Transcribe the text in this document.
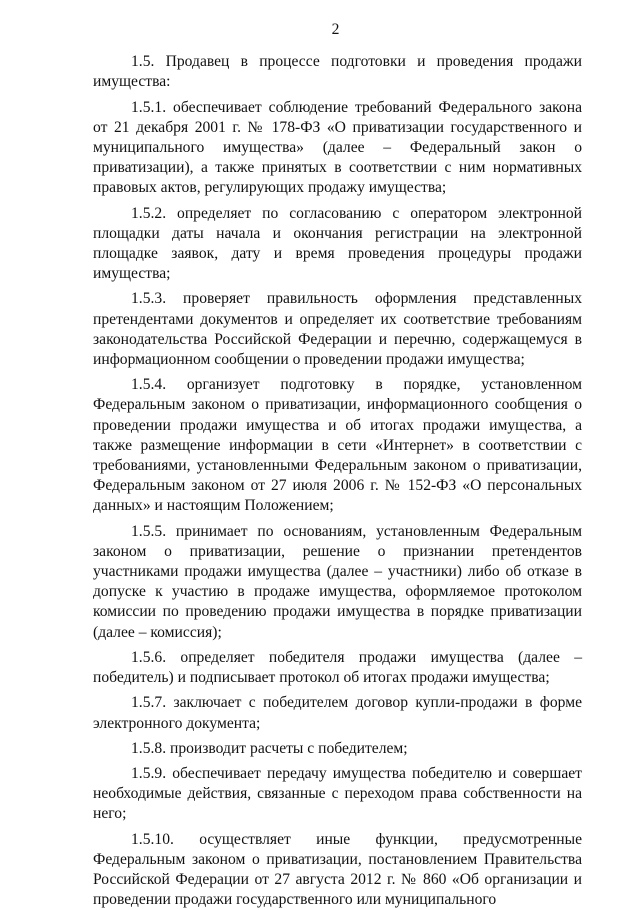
2

1.5. Продавец в процессе подготовки и проведения продажи имущества:

1.5.1. обеспечивает соблюдение требований Федерального закона от 21 декабря 2001 г. № 178-ФЗ «О приватизации государственного и муниципального имущества» (далее – Федеральный закон о приватизации), а также принятых в соответствии с ним нормативных правовых актов, регулирующих продажу имущества;

1.5.2. определяет по согласованию с оператором электронной площадки даты начала и окончания регистрации на электронной площадке заявок, дату и время проведения процедуры продажи имущества;

1.5.3. проверяет правильность оформления представленных претендентами документов и определяет их соответствие требованиям законодательства Российской Федерации и перечню, содержащемуся в информационном сообщении о проведении продажи имущества;

1.5.4. организует подготовку в порядке, установленном Федеральным законом о приватизации, информационного сообщения о проведении продажи имущества и об итогах продажи имущества, а также размещение информации в сети «Интернет» в соответствии с требованиями, установленными Федеральным законом о приватизации, Федеральным законом от 27 июля 2006 г. № 152-ФЗ «О персональных данных» и настоящим Положением;

1.5.5. принимает по основаниям, установленным Федеральным законом о приватизации, решение о признании претендентов участниками продажи имущества (далее – участники) либо об отказе в допуске к участию в продаже имущества, оформляемое протоколом комиссии по проведению продажи имущества в порядке приватизации (далее – комиссия);

1.5.6. определяет победителя продажи имущества (далее – победитель) и подписывает протокол об итогах продажи имущества;

1.5.7. заключает с победителем договор купли-продажи в форме электронного документа;

1.5.8. производит расчеты с победителем;

1.5.9. обеспечивает передачу имущества победителю и совершает необходимые действия, связанные с переходом права собственности на него;

1.5.10. осуществляет иные функции, предусмотренные Федеральным законом о приватизации, постановлением Правительства Российской Федерации от 27 августа 2012 г. № 860 «Об организации и проведении продажи государственного или муниципального
